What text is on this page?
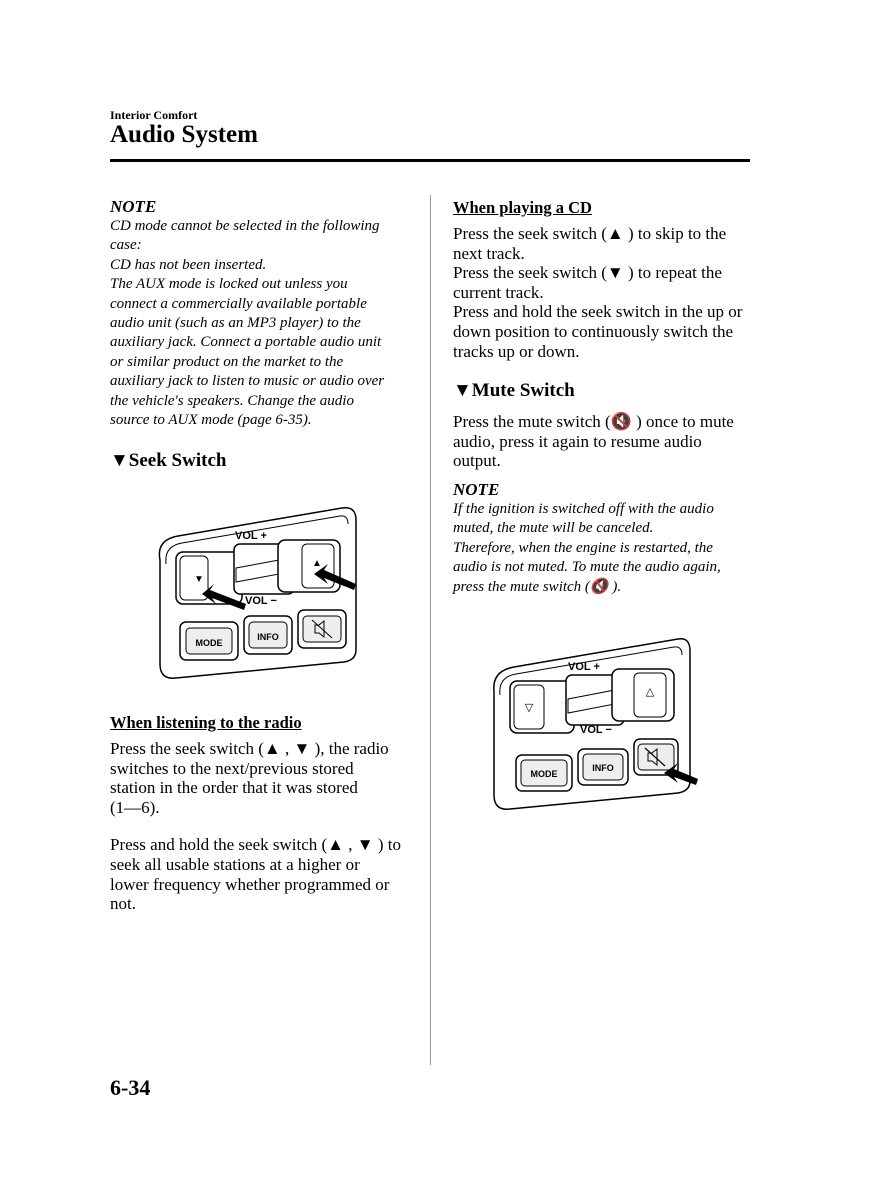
Interior Comfort
Audio System
NOTE
CD mode cannot be selected in the following
case:
CD has not been inserted.
The AUX mode is locked out unless you
connect a commercially available portable
audio unit (such as an MP3 player) to the
auxiliary jack. Connect a portable audio unit
or similar product on the market to the
auxiliary jack to listen to music or audio over
the vehicle's speakers. Change the audio
source to AUX mode (page 6-35).
▼Seek Switch
VOL +
▼
▲
VOL −
MODE
INFO
When listening to the radio
Press the seek switch (▲ , ▼ ), the radio
switches to the next/previous stored
station in the order that it was stored
(1—6).
Press and hold the seek switch (▲ , ▼ ) to
seek all usable stations at a higher or
lower frequency whether programmed or
not.
When playing a CD
Press the seek switch (▲ ) to skip to the
next track.
Press the seek switch (▼ ) to repeat the
current track.
Press and hold the seek switch in the up or
down position to continuously switch the
tracks up or down.
▼Mute Switch
Press the mute switch (🔇 ) once to mute
audio, press it again to resume audio
output.
NOTE
If the ignition is switched off with the audio
muted, the mute will be canceled.
Therefore, when the engine is restarted, the
audio is not muted. To mute the audio again,
press the mute switch (🔇 ).
VOL +
▽
△
VOL −
MODE
INFO
6-34
